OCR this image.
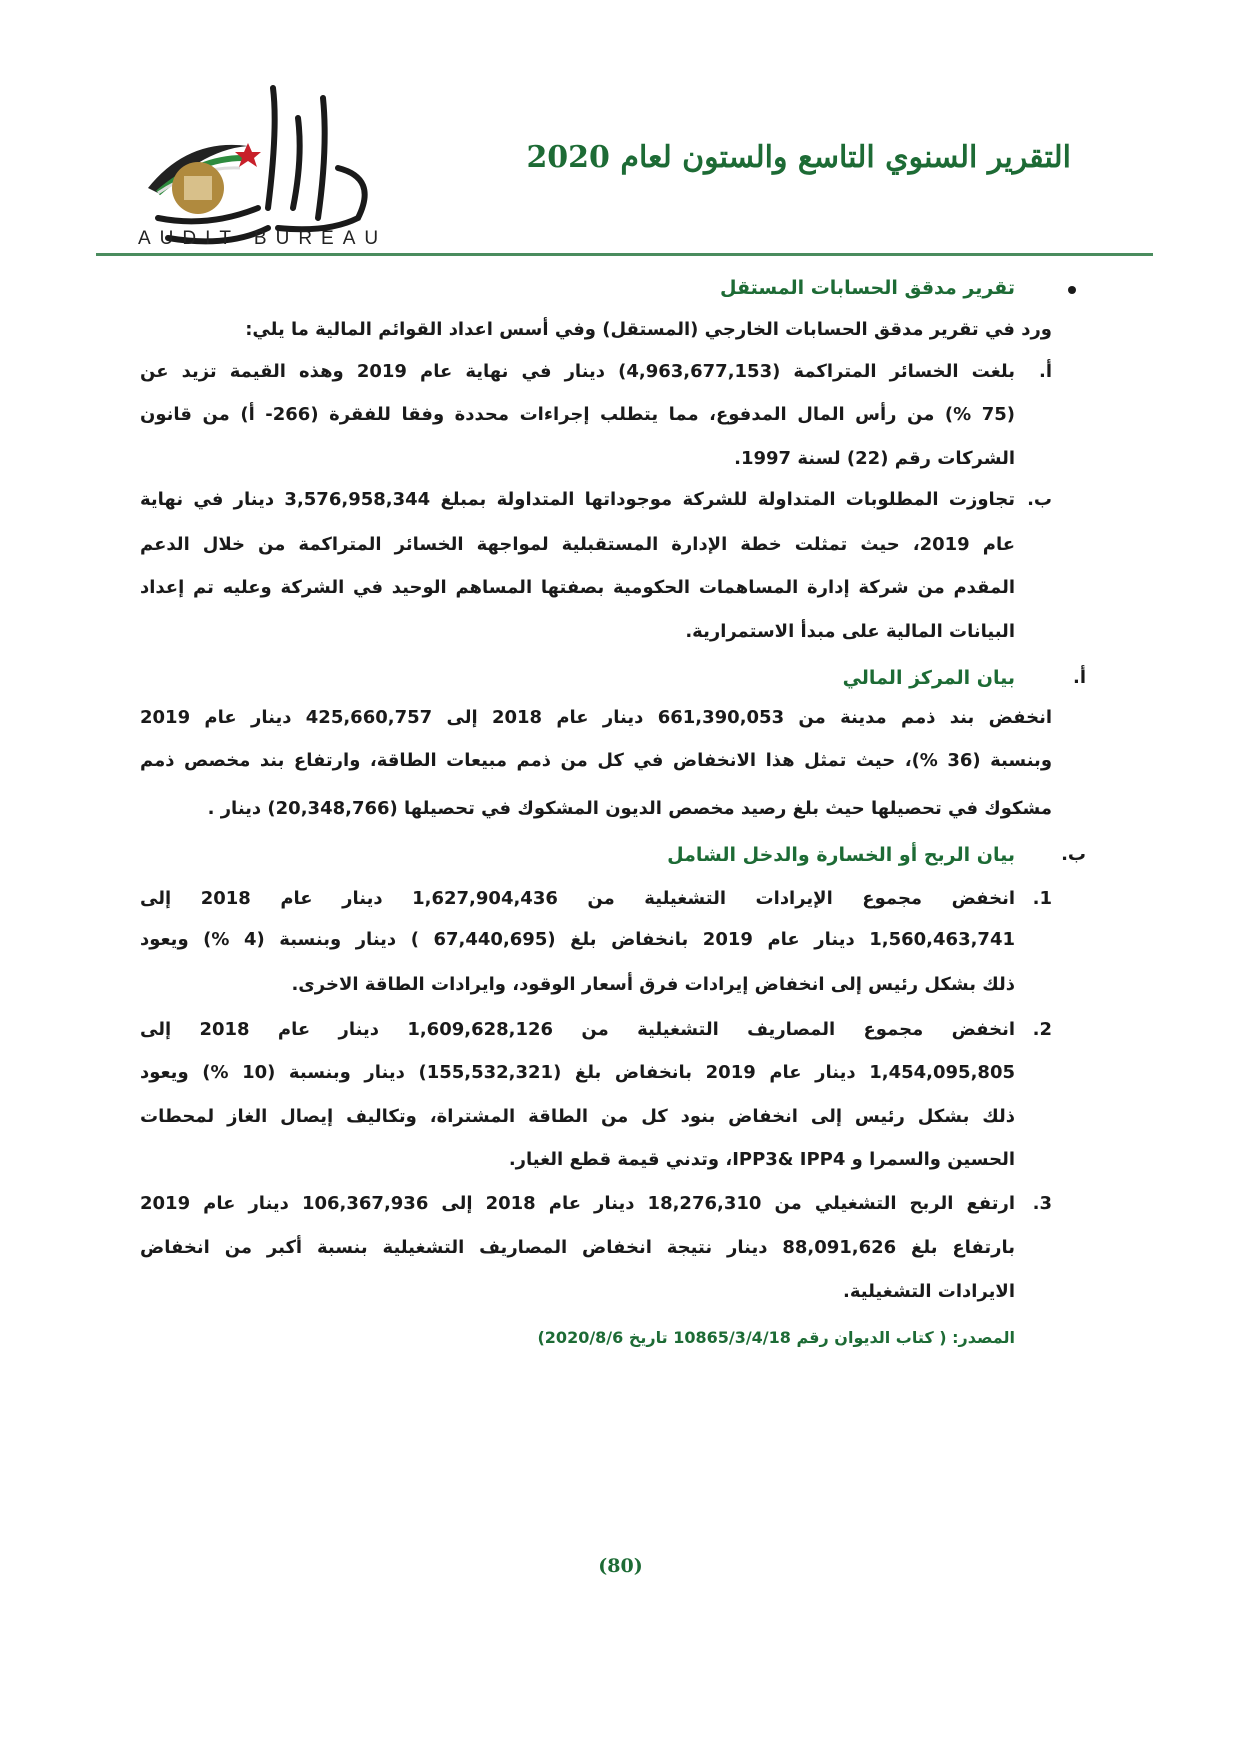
AUDIT BUREAU
التقرير السنوي التاسع والستون لعام 2020
تقرير مدقق الحسابات المستقل
ورد في تقرير مدقق الحسابات الخارجي (المستقل) وفي أسس اعداد القوائم المالية ما يلي:
أ.
بلغت الخسائر المتراكمة (4,963,677,153) دينار في نهاية عام 2019 وهذه القيمة تزيد عن
(75 %) من رأس المال المدفوع، مما يتطلب إجراءات محددة وفقا للفقرة (266- أ) من قانون
الشركات رقم (22) لسنة 1997.
ب.
تجاوزت المطلوبات المتداولة للشركة موجوداتها المتداولة بمبلغ 3,576,958,344 دينار في نهاية
عام 2019، حيث تمثلت خطة الإدارة المستقبلية لمواجهة الخسائر المتراكمة من خلال الدعم
المقدم من شركة إدارة المساهمات الحكومية بصفتها المساهم الوحيد في الشركة وعليه تم إعداد
البيانات المالية على مبدأ الاستمرارية.
أ.
بيان المركز المالي
انخفض بند ذمم مدينة من 661,390,053 دينار عام 2018 إلى 425,660,757 دينار عام 2019
وبنسبة (36 %)، حيث تمثل هذا الانخفاض في كل من ذمم مبيعات الطاقة، وارتفاع بند مخصص ذمم
مشكوك في تحصيلها حيث بلغ رصيد مخصص الديون المشكوك في تحصيلها (20,348,766) دينار .
ب.
بيان الربح أو الخسارة والدخل الشامل
1.
انخفض مجموع الإيرادات التشغيلية من 1,627,904,436 دينار عام 2018 إلى
1,560,463,741 دينار عام 2019 بانخفاض بلغ (67,440,695 ) دينار وبنسبة (4 %) ويعود
ذلك بشكل رئيس إلى انخفاض إيرادات فرق أسعار الوقود، وايرادات الطاقة الاخرى.
2.
انخفض مجموع المصاريف التشغيلية من 1,609,628,126 دينار عام 2018 إلى
1,454,095,805 دينار عام 2019 بانخفاض بلغ (155,532,321) دينار وبنسبة (10 %) ويعود
ذلك بشكل رئيس إلى انخفاض بنود كل من الطاقة المشتراة، وتكاليف إيصال الغاز لمحطات
الحسين والسمرا و IPP3& IPP4، وتدني قيمة قطع الغيار.
3.
ارتفع الربح التشغيلي من 18,276,310 دينار عام 2018 إلى 106,367,936 دينار عام 2019
بارتفاع بلغ 88,091,626 دينار نتيجة انخفاض المصاريف التشغيلية بنسبة أكبر من انخفاض
الايرادات التشغيلية.
المصدر: ( كتاب الديوان رقم 10865/3/4/18 تاريخ 2020/8/6)
(80)
